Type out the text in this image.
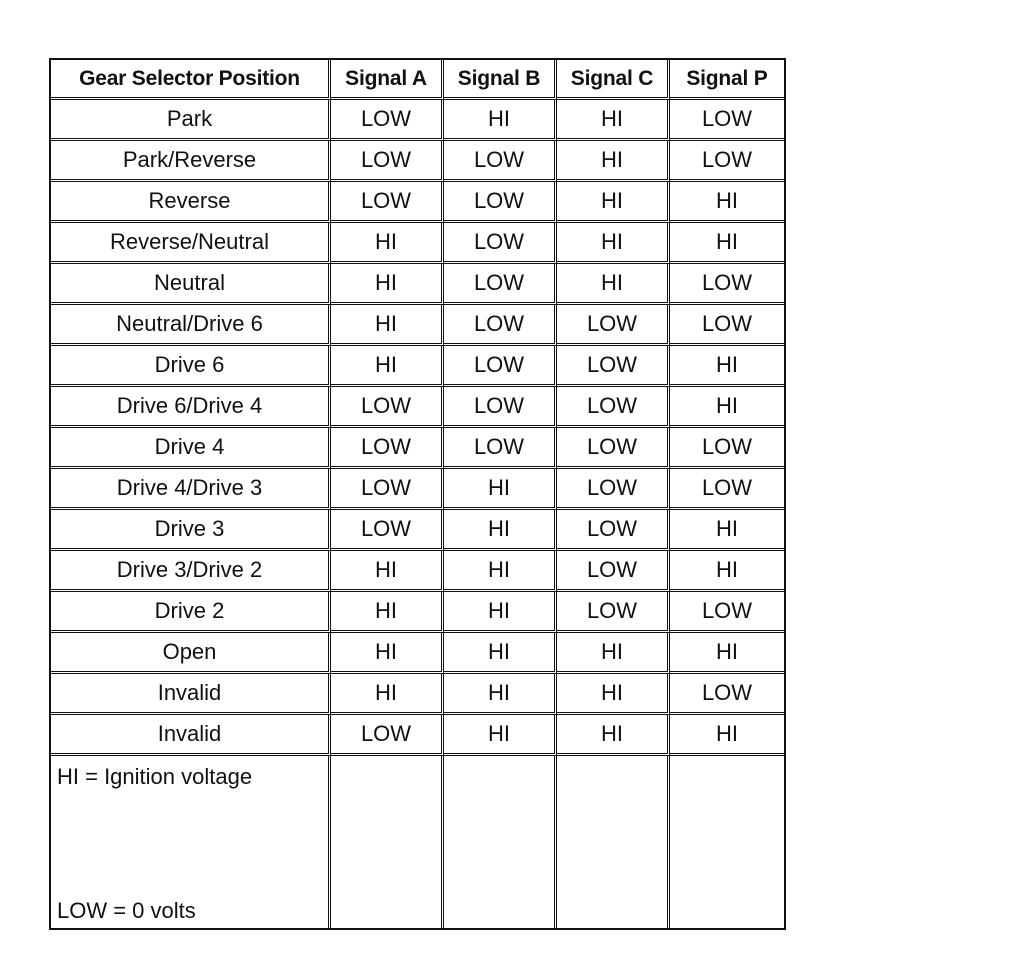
Gear Selector Position	Signal A	Signal B	Signal C	Signal P
Park	LOW	HI	HI	LOW
Park/Reverse	LOW	LOW	HI	LOW
Reverse	LOW	LOW	HI	HI
Reverse/Neutral	HI	LOW	HI	HI
Neutral	HI	LOW	HI	LOW
Neutral/Drive 6	HI	LOW	LOW	LOW
Drive 6	HI	LOW	LOW	HI
Drive 6/Drive 4	LOW	LOW	LOW	HI
Drive 4	LOW	LOW	LOW	LOW
Drive 4/Drive 3	LOW	HI	LOW	LOW
Drive 3	LOW	HI	LOW	HI
Drive 3/Drive 2	HI	HI	LOW	HI
Drive 2	HI	HI	LOW	LOW
Open	HI	HI	HI	HI
Invalid	HI	HI	HI	LOW
Invalid	LOW	HI	HI	HI

HI = Ignition voltage
LOW = 0 volts				
